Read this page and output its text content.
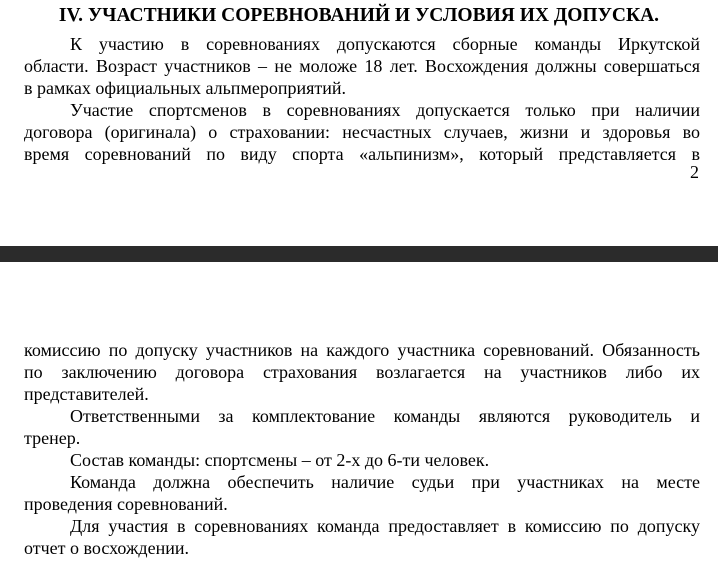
IV. УЧАСТНИКИ СОРЕВНОВАНИЙ И УСЛОВИЯ ИХ ДОПУСКА.
К участию в соревнованиях допускаются сборные команды Иркутской
области. Возраст участников – не моложе 18 лет. Восхождения должны совершаться
в рамках официальных альпмероприятий.
Участие спортсменов в соревнованиях допускается только при наличии
договора (оригинала) о страховании: несчастных случаев, жизни и здоровья во
время соревнований по виду спорта «альпинизм», который представляется в
2
комиссию по допуску участников на каждого участника соревнований. Обязанность
по заключению договора страхования возлагается на участников либо их
представителей.
Ответственными за комплектование команды являются руководитель и
тренер.
Состав команды: спортсмены – от 2-х до 6-ти человек.
Команда должна обеспечить наличие судьи при участниках на месте
проведения соревнований.
Для участия в соревнованиях команда предоставляет в комиссию по допуску
отчет о восхождении.
